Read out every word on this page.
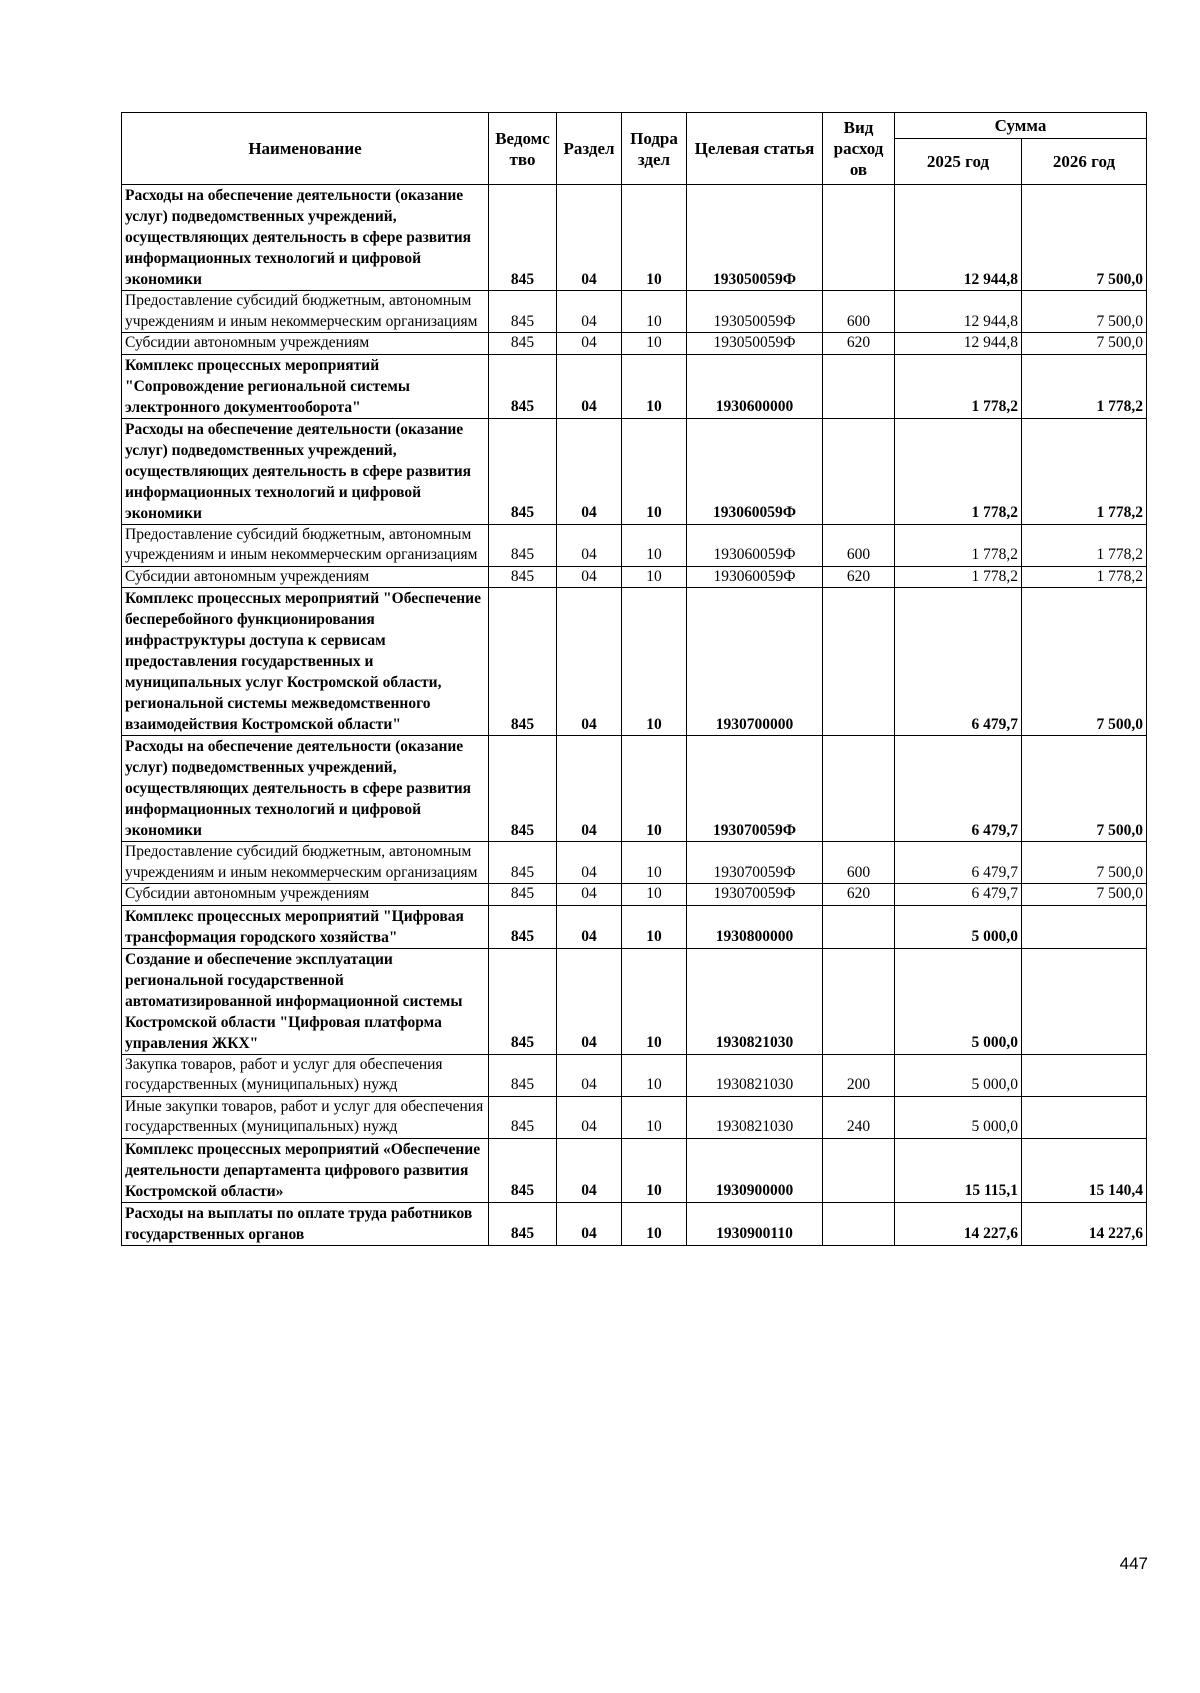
Наименование	Ведомс тво	Раздел	Подра здел	Целевая статья	Вид расход ов	Сумма	
						2025 год	2026 год
Расходы на обеспечение деятельности (оказание услуг) подведомственных учреждений, осуществляющих деятельность в сфере развития информационных технологий и цифровой экономики	845	04	10	193050059Ф		12 944,8	7 500,0
Предоставление субсидий бюджетным, автономным учреждениям и иным некоммерческим организациям	845	04	10	193050059Ф	600	12 944,8	7 500,0
Субсидии автономным учреждениям	845	04	10	193050059Ф	620	12 944,8	7 500,0
Комплекс процессных мероприятий "Сопровождение региональной системы электронного документооборота"	845	04	10	1930600000		1 778,2	1 778,2
Расходы на обеспечение деятельности (оказание услуг) подведомственных учреждений, осуществляющих деятельность в сфере развития информационных технологий и цифровой экономики	845	04	10	193060059Ф		1 778,2	1 778,2
Предоставление субсидий бюджетным, автономным учреждениям и иным некоммерческим организациям	845	04	10	193060059Ф	600	1 778,2	1 778,2
Субсидии автономным учреждениям	845	04	10	193060059Ф	620	1 778,2	1 778,2
Комплекс процессных мероприятий "Обеспечение бесперебойного функционирования инфраструктуры доступа к сервисам предоставления государственных и муниципальных услуг Костромской области, региональной системы межведомственного взаимодействия Костромской области"	845	04	10	1930700000		6 479,7	7 500,0
Расходы на обеспечение деятельности (оказание услуг) подведомственных учреждений, осуществляющих деятельность в сфере развития информационных технологий и цифровой экономики	845	04	10	193070059Ф		6 479,7	7 500,0
Предоставление субсидий бюджетным, автономным учреждениям и иным некоммерческим организациям	845	04	10	193070059Ф	600	6 479,7	7 500,0
Субсидии автономным учреждениям	845	04	10	193070059Ф	620	6 479,7	7 500,0
Комплекс процессных мероприятий "Цифровая трансформация городского хозяйства"	845	04	10	1930800000		5 000,0	
Создание и обеспечение эксплуатации региональной государственной автоматизированной информационной системы Костромской области "Цифровая платформа управления ЖКХ"	845	04	10	1930821030		5 000,0	
Закупка товаров, работ и услуг для обеспечения государственных (муниципальных) нужд	845	04	10	1930821030	200	5 000,0	
Иные закупки товаров, работ и услуг для обеспечения государственных (муниципальных) нужд	845	04	10	1930821030	240	5 000,0	
Комплекс процессных мероприятий «Обеспечение деятельности департамента цифрового развития Костромской области»	845	04	10	1930900000		15 115,1	15 140,4
Расходы на выплаты по оплате труда работников государственных органов	845	04	10	1930900110		14 227,6	14 227,6
447
